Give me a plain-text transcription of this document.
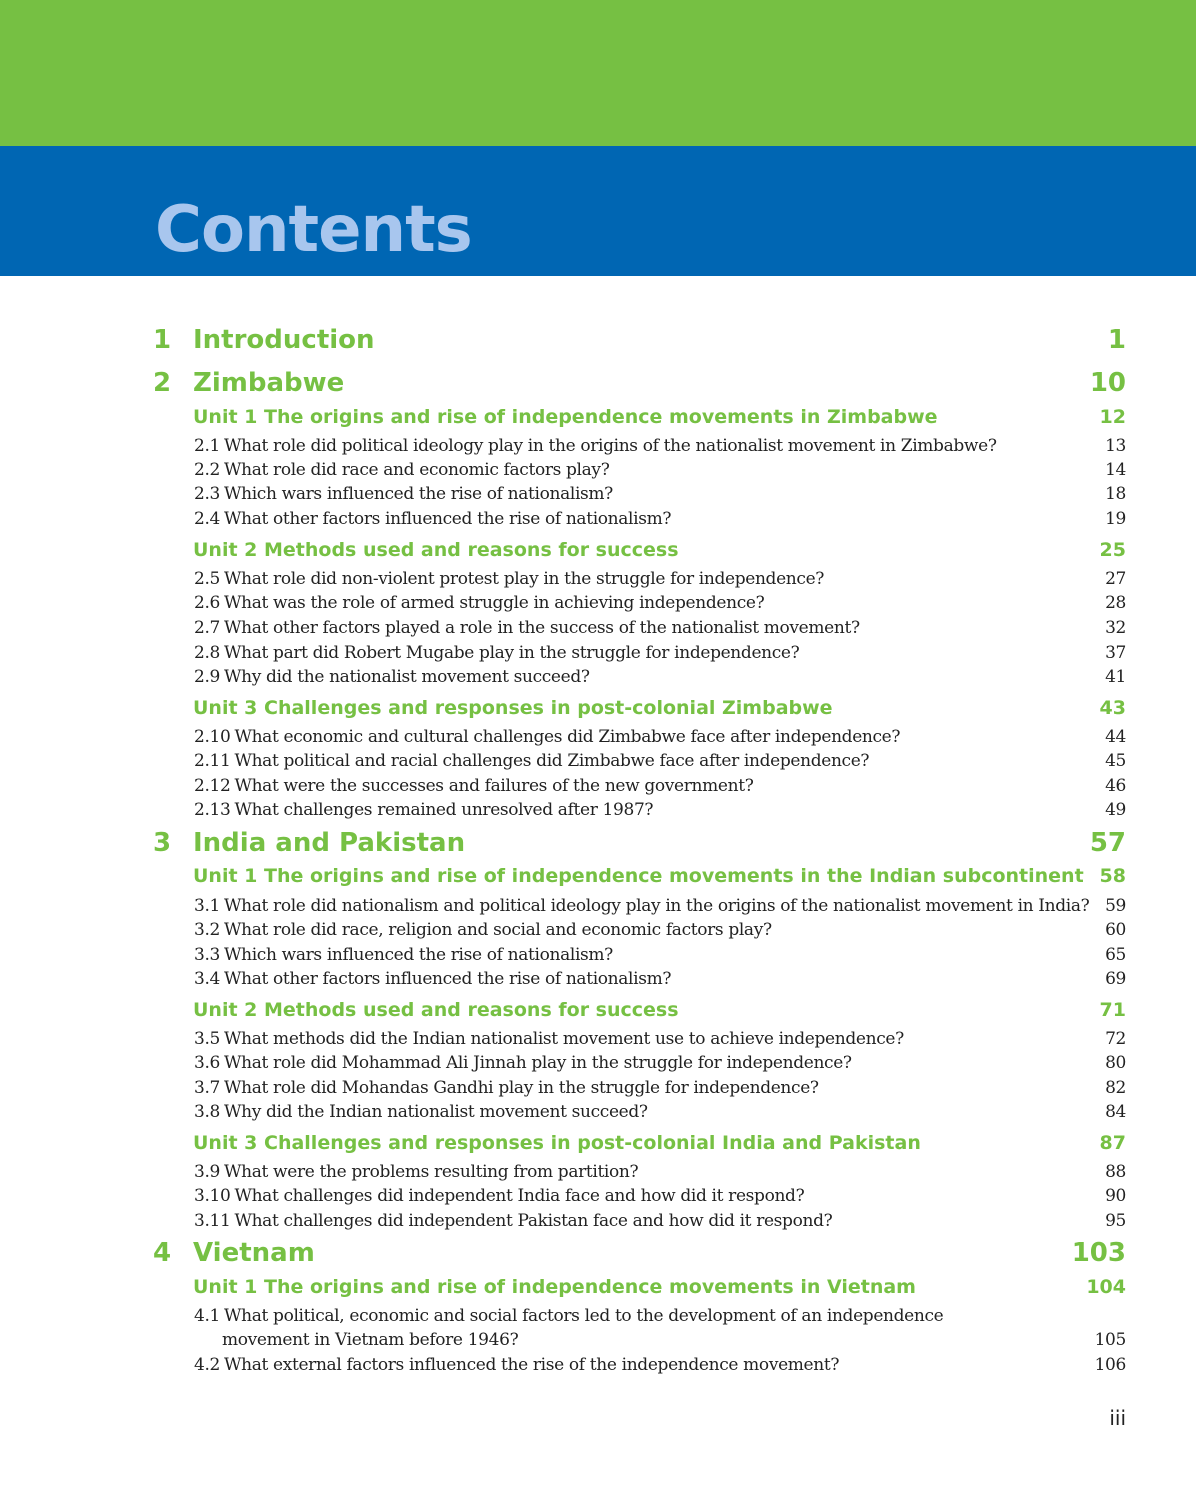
Contents
1 Introduction	1
2 Zimbabwe	10
Unit 1 The origins and rise of independence movements in Zimbabwe	12
2.1 What role did political ideology play in the origins of the nationalist movement in Zimbabwe?	13
2.2 What role did race and economic factors play?	14
2.3 Which wars influenced the rise of nationalism?	18
2.4 What other factors influenced the rise of nationalism?	19
Unit 2 Methods used and reasons for success	25
2.5 What role did non-violent protest play in the struggle for independence?	27
2.6 What was the role of armed struggle in achieving independence?	28
2.7 What other factors played a role in the success of the nationalist movement?	32
2.8 What part did Robert Mugabe play in the struggle for independence?	37
2.9 Why did the nationalist movement succeed?	41
Unit 3 Challenges and responses in post-colonial Zimbabwe	43
2.10 What economic and cultural challenges did Zimbabwe face after independence?	44
2.11 What political and racial challenges did Zimbabwe face after independence?	45
2.12 What were the successes and failures of the new government?	46
2.13 What challenges remained unresolved after 1987?	49
3 India and Pakistan	57
Unit 1 The origins and rise of independence movements in the Indian subcontinent 58
3.1 What role did nationalism and political ideology play in the origins of the nationalist movement in India? 59
3.2 What role did race, religion and social and economic factors play?	60
3.3 Which wars influenced the rise of nationalism?	65
3.4 What other factors influenced the rise of nationalism?	69
Unit 2 Methods used and reasons for success	71
3.5 What methods did the Indian nationalist movement use to achieve independence?	72
3.6 What role did Mohammad Ali Jinnah play in the struggle for independence?	80
3.7 What role did Mohandas Gandhi play in the struggle for independence?	82
3.8 Why did the Indian nationalist movement succeed?	84
Unit 3 Challenges and responses in post-colonial India and Pakistan	87
3.9 What were the problems resulting from partition?	88
3.10 What challenges did independent India face and how did it respond?	90
3.11 What challenges did independent Pakistan face and how did it respond?	95
4 Vietnam	103
Unit 1 The origins and rise of independence movements in Vietnam	104
4.1 What political, economic and social factors led to the development of an independence
movement in Vietnam before 1946?	105
4.2 What external factors influenced the rise of the independence movement?	106
iii
